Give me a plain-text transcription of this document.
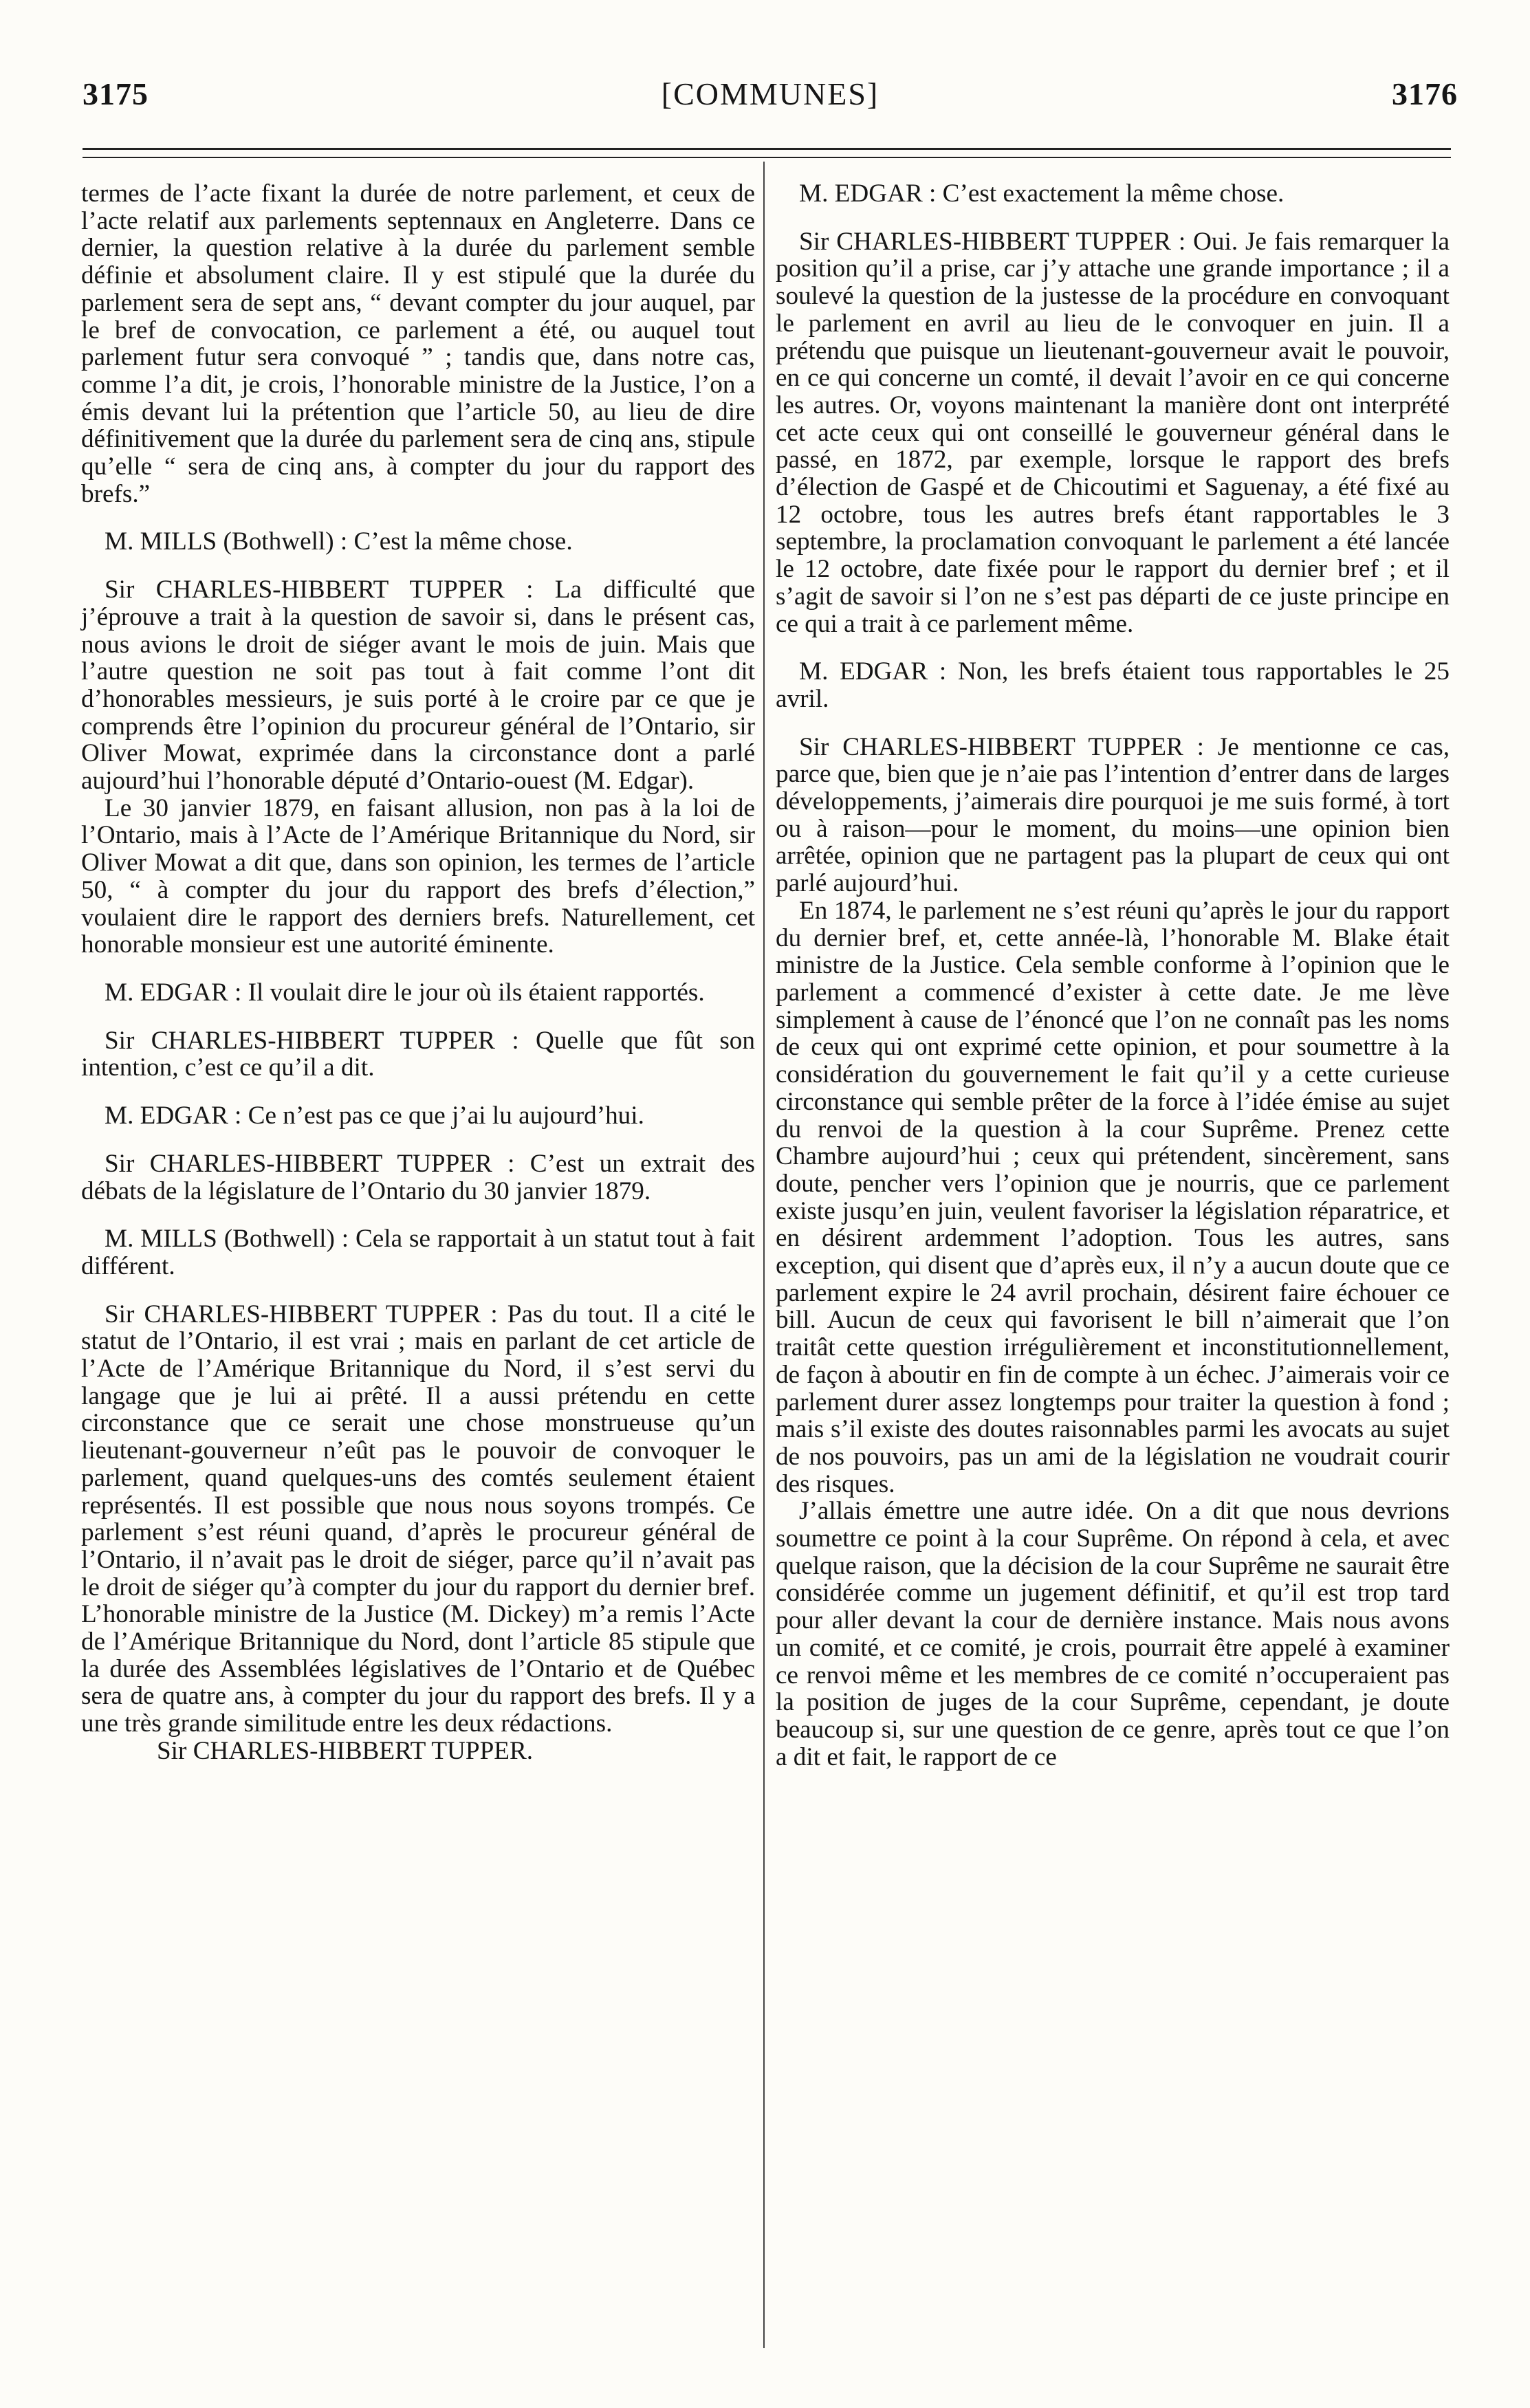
3175	[COMMUNES]	3176

termes de l’acte fixant la durée de notre parlement, et ceux de l’acte relatif aux parlements septennaux en Angleterre. Dans ce dernier, la question relative à la durée du parlement semble définie et absolument claire. Il y est stipulé que la durée du parlement sera de sept ans, “ devant compter du jour auquel, par le bref de convocation, ce parlement a été, ou auquel tout parlement futur sera convoqué ” ; tandis que, dans notre cas, comme l’a dit, je crois, l’honorable ministre de la Justice, l’on a émis devant lui la prétention que l’article 50, au lieu de dire définitivement que la durée du parlement sera de cinq ans, stipule qu’elle “ sera de cinq ans, à compter du jour du rapport des brefs.”

M. MILLS (Bothwell) : C’est la même chose.

Sir CHARLES-HIBBERT TUPPER : La difficulté que j’éprouve a trait à la question de savoir si, dans le présent cas, nous avions le droit de siéger avant le mois de juin. Mais que l’autre question ne soit pas tout à fait comme l’ont dit d’honorables messieurs, je suis porté à le croire par ce que je comprends être l’opinion du procureur général de l’Ontario, sir Oliver Mowat, exprimée dans la circonstance dont a parlé aujourd’hui l’honorable député d’Ontario-ouest (M. Edgar).

Le 30 janvier 1879, en faisant allusion, non pas à la loi de l’Ontario, mais à l’Acte de l’Amérique Britannique du Nord, sir Oliver Mowat a dit que, dans son opinion, les termes de l’article 50, “ à compter du jour du rapport des brefs d’élection,” voulaient dire le rapport des derniers brefs. Naturellement, cet honorable monsieur est une autorité éminente.

M. EDGAR : Il voulait dire le jour où ils étaient rapportés.

Sir CHARLES-HIBBERT TUPPER : Quelle que fût son intention, c’est ce qu’il a dit.

M. EDGAR : Ce n’est pas ce que j’ai lu aujourd’hui.

Sir CHARLES-HIBBERT TUPPER : C’est un extrait des débats de la législature de l’Ontario du 30 janvier 1879.

M. MILLS (Bothwell) : Cela se rapportait à un statut tout à fait différent.

Sir CHARLES-HIBBERT TUPPER : Pas du tout. Il a cité le statut de l’Ontario, il est vrai ; mais en parlant de cet article de l’Acte de l’Amérique Britannique du Nord, il s’est servi du langage que je lui ai prêté. Il a aussi prétendu en cette circonstance que ce serait une chose monstrueuse qu’un lieutenant-gouverneur n’eût pas le pouvoir de convoquer le parlement, quand quelques-uns des comtés seulement étaient représentés. Il est possible que nous nous soyons trompés. Ce parlement s’est réuni quand, d’après le procureur général de l’Ontario, il n’avait pas le droit de siéger, parce qu’il n’avait pas le droit de siéger qu’à compter du jour du rapport du dernier bref. L’honorable ministre de la Justice (M. Dickey) m’a remis l’Acte de l’Amérique Britannique du Nord, dont l’article 85 stipule que la durée des Assemblées législatives de l’Ontario et de Québec sera de quatre ans, à compter du jour du rapport des brefs. Il y a une très grande similitude entre les deux rédactions.

Sir CHARLES-HIBBERT TUPPER.

M. EDGAR : C’est exactement la même chose.

Sir CHARLES-HIBBERT TUPPER : Oui. Je fais remarquer la position qu’il a prise, car j’y attache une grande importance ; il a soulevé la question de la justesse de la procédure en convoquant le parlement en avril au lieu de le convoquer en juin. Il a prétendu que puisque un lieutenant-gouverneur avait le pouvoir, en ce qui concerne un comté, il devait l’avoir en ce qui concerne les autres. Or, voyons maintenant la manière dont ont interprété cet acte ceux qui ont conseillé le gouverneur général dans le passé, en 1872, par exemple, lorsque le rapport des brefs d’élection de Gaspé et de Chicoutimi et Saguenay, a été fixé au 12 octobre, tous les autres brefs étant rapportables le 3 septembre, la proclamation convoquant le parlement a été lancée le 12 octobre, date fixée pour le rapport du dernier bref ; et il s’agit de savoir si l’on ne s’est pas départi de ce juste principe en ce qui a trait à ce parlement même.

M. EDGAR : Non, les brefs étaient tous rapportables le 25 avril.

Sir CHARLES-HIBBERT TUPPER : Je mentionne ce cas, parce que, bien que je n’aie pas l’intention d’entrer dans de larges développements, j’aimerais dire pourquoi je me suis formé, à tort ou à raison—pour le moment, du moins—une opinion bien arrêtée, opinion que ne partagent pas la plupart de ceux qui ont parlé aujourd’hui.

En 1874, le parlement ne s’est réuni qu’après le jour du rapport du dernier bref, et, cette année-là, l’honorable M. Blake était ministre de la Justice. Cela semble conforme à l’opinion que le parlement a commencé d’exister à cette date. Je me lève simplement à cause de l’énoncé que l’on ne connaît pas les noms de ceux qui ont exprimé cette opinion, et pour soumettre à la considération du gouvernement le fait qu’il y a cette curieuse circonstance qui semble prêter de la force à l’idée émise au sujet du renvoi de la question à la cour Suprême. Prenez cette Chambre aujourd’hui ; ceux qui prétendent, sincèrement, sans doute, pencher vers l’opinion que je nourris, que ce parlement existe jusqu’en juin, veulent favoriser la législation réparatrice, et en désirent ardemment l’adoption. Tous les autres, sans exception, qui disent que d’après eux, il n’y a aucun doute que ce parlement expire le 24 avril prochain, désirent faire échouer ce bill. Aucun de ceux qui favorisent le bill n’aimerait que l’on traitât cette question irrégulièrement et inconstitutionnellement, de façon à aboutir en fin de compte à un échec. J’aimerais voir ce parlement durer assez longtemps pour traiter la question à fond ; mais s’il existe des doutes raisonnables parmi les avocats au sujet de nos pouvoirs, pas un ami de la législation ne voudrait courir des risques.

J’allais émettre une autre idée. On a dit que nous devrions soumettre ce point à la cour Suprême. On répond à cela, et avec quelque raison, que la décision de la cour Suprême ne saurait être considérée comme un jugement définitif, et qu’il est trop tard pour aller devant la cour de dernière instance. Mais nous avons un comité, et ce comité, je crois, pourrait être appelé à examiner ce renvoi même et les membres de ce comité n’occuperaient pas la position de juges de la cour Suprême, cependant, je doute beaucoup si, sur une question de ce genre, après tout ce que l’on a dit et fait, le rapport de ce
